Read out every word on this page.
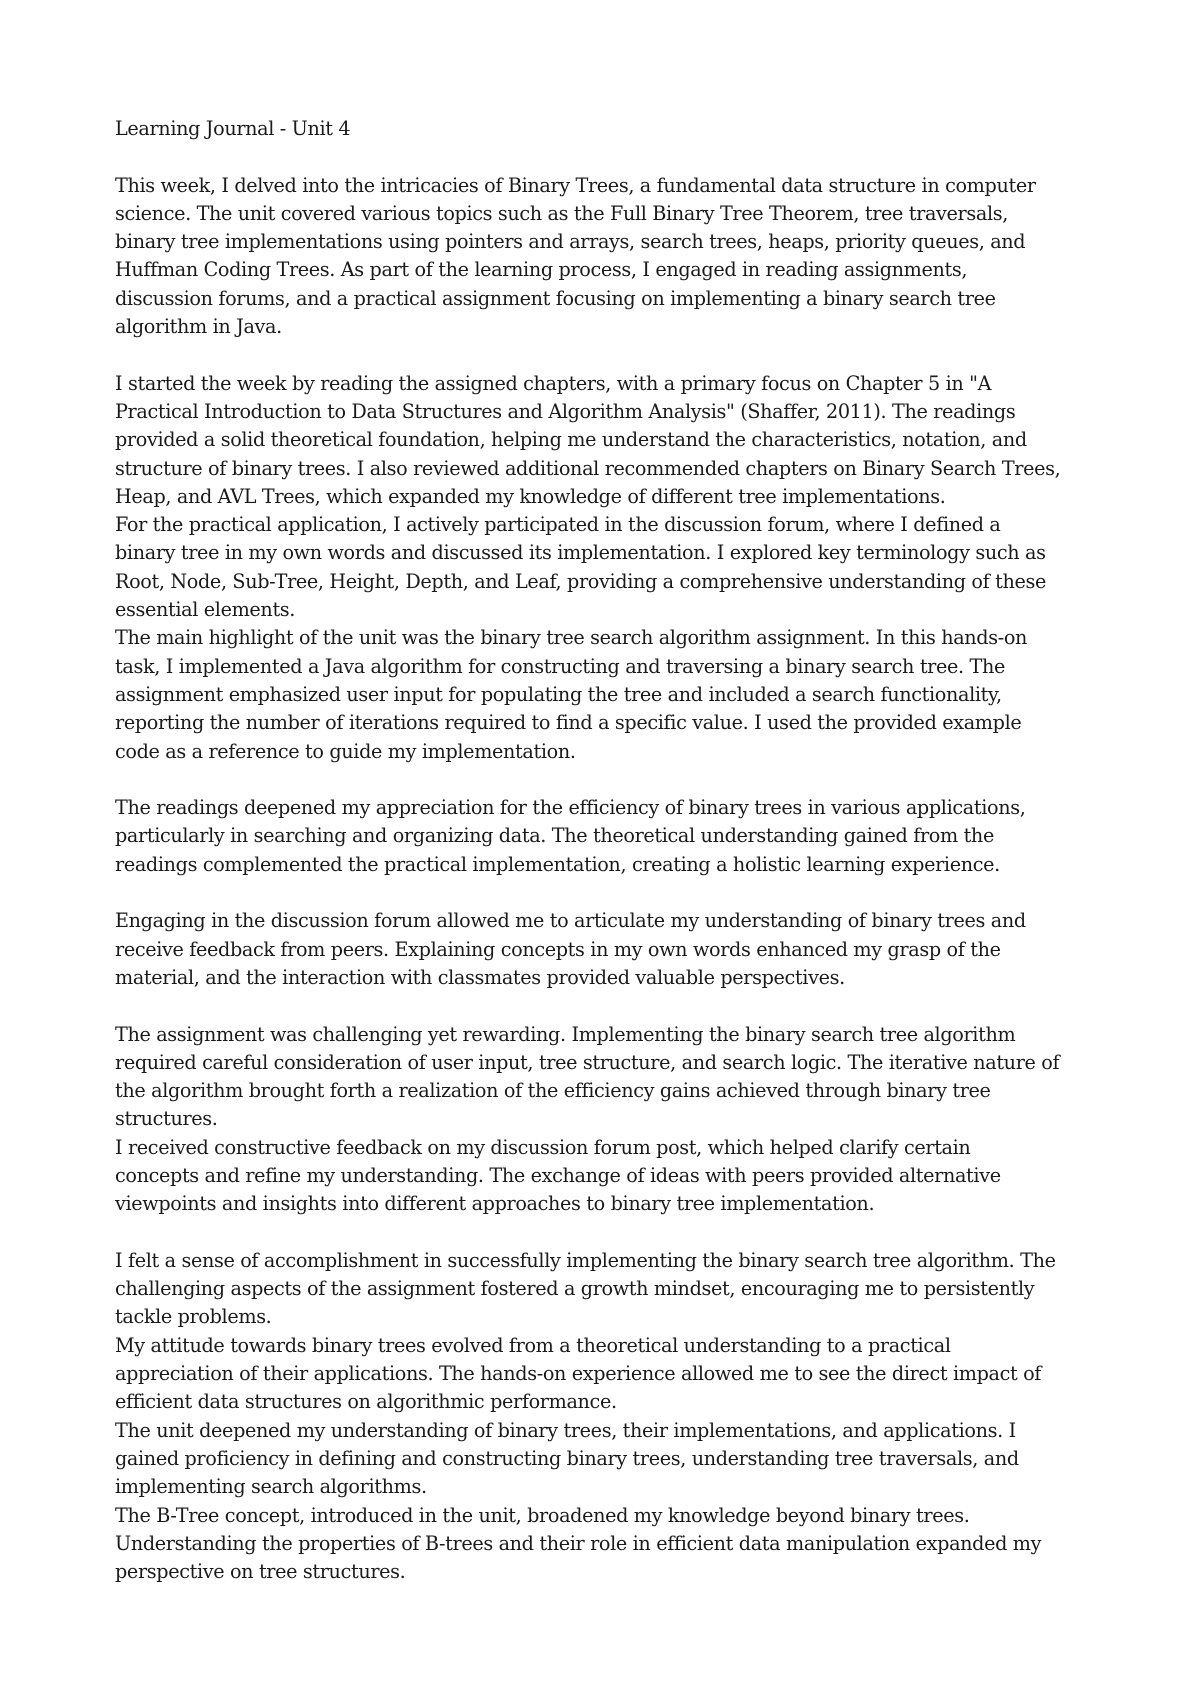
Learning Journal - Unit 4
This week, I delved into the intricacies of Binary Trees, a fundamental data structure in computer
science. The unit covered various topics such as the Full Binary Tree Theorem, tree traversals,
binary tree implementations using pointers and arrays, search trees, heaps, priority queues, and
Huffman Coding Trees. As part of the learning process, I engaged in reading assignments,
discussion forums, and a practical assignment focusing on implementing a binary search tree
algorithm in Java.
I started the week by reading the assigned chapters, with a primary focus on Chapter 5 in "A
Practical Introduction to Data Structures and Algorithm Analysis" (Shaffer, 2011). The readings
provided a solid theoretical foundation, helping me understand the characteristics, notation, and
structure of binary trees. I also reviewed additional recommended chapters on Binary Search Trees,
Heap, and AVL Trees, which expanded my knowledge of different tree implementations.
For the practical application, I actively participated in the discussion forum, where I defined a
binary tree in my own words and discussed its implementation. I explored key terminology such as
Root, Node, Sub-Tree, Height, Depth, and Leaf, providing a comprehensive understanding of these
essential elements.
The main highlight of the unit was the binary tree search algorithm assignment. In this hands-on
task, I implemented a Java algorithm for constructing and traversing a binary search tree. The
assignment emphasized user input for populating the tree and included a search functionality,
reporting the number of iterations required to find a specific value. I used the provided example
code as a reference to guide my implementation.
The readings deepened my appreciation for the efficiency of binary trees in various applications,
particularly in searching and organizing data. The theoretical understanding gained from the
readings complemented the practical implementation, creating a holistic learning experience.
Engaging in the discussion forum allowed me to articulate my understanding of binary trees and
receive feedback from peers. Explaining concepts in my own words enhanced my grasp of the
material, and the interaction with classmates provided valuable perspectives.
The assignment was challenging yet rewarding. Implementing the binary search tree algorithm
required careful consideration of user input, tree structure, and search logic. The iterative nature of
the algorithm brought forth a realization of the efficiency gains achieved through binary tree
structures.
I received constructive feedback on my discussion forum post, which helped clarify certain
concepts and refine my understanding. The exchange of ideas with peers provided alternative
viewpoints and insights into different approaches to binary tree implementation.
I felt a sense of accomplishment in successfully implementing the binary search tree algorithm. The
challenging aspects of the assignment fostered a growth mindset, encouraging me to persistently
tackle problems.
My attitude towards binary trees evolved from a theoretical understanding to a practical
appreciation of their applications. The hands-on experience allowed me to see the direct impact of
efficient data structures on algorithmic performance.
The unit deepened my understanding of binary trees, their implementations, and applications. I
gained proficiency in defining and constructing binary trees, understanding tree traversals, and
implementing search algorithms.
The B-Tree concept, introduced in the unit, broadened my knowledge beyond binary trees.
Understanding the properties of B-trees and their role in efficient data manipulation expanded my
perspective on tree structures.
